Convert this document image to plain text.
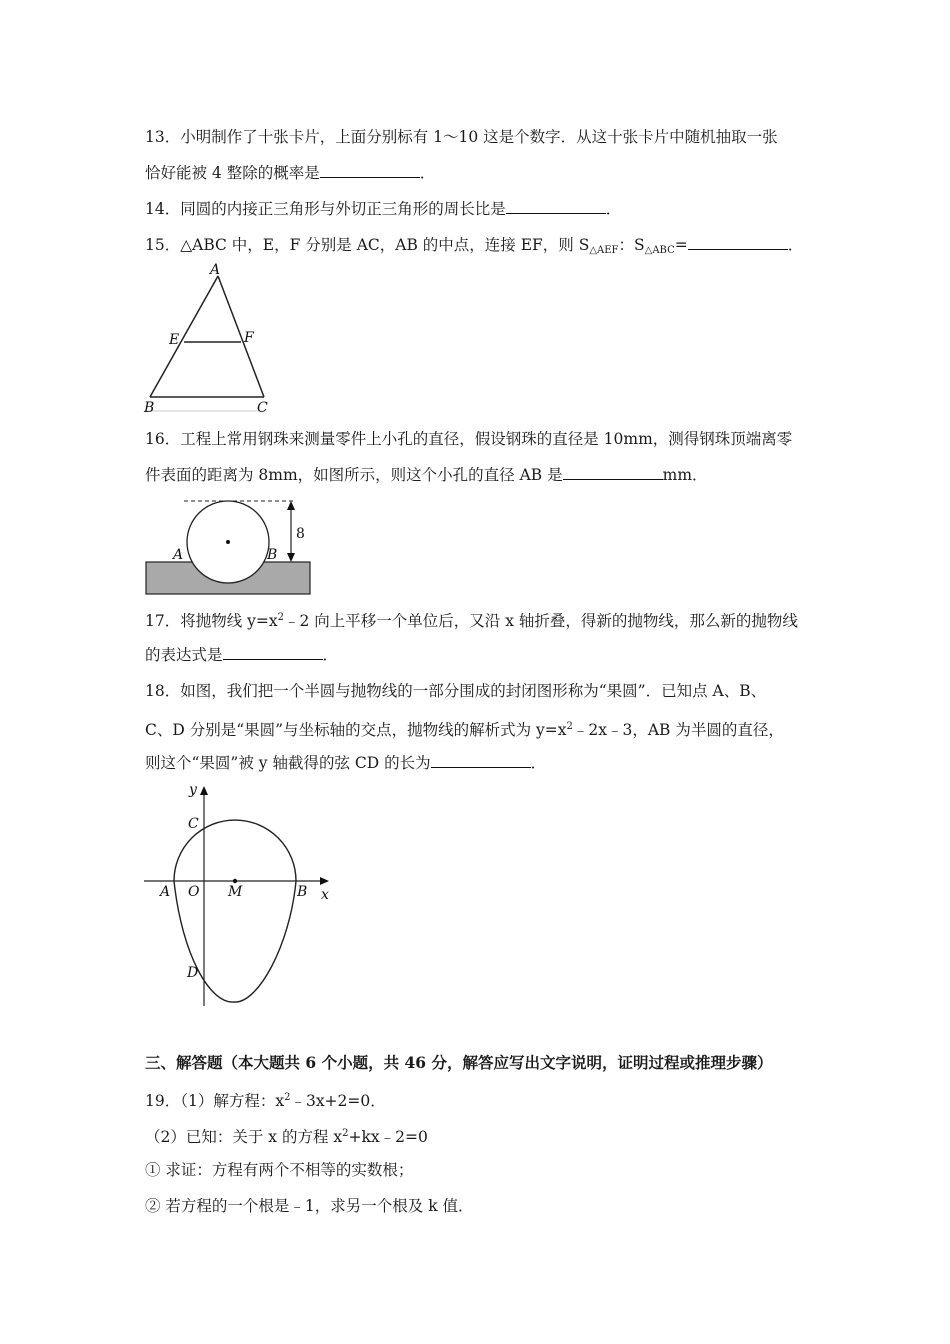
13．小明制作了十张卡片，上面分别标有 1～10 这是个数字．从这十张卡片中随机抽取一张
恰好能被 4 整除的概率是	．
14．同圆的内接正三角形与外切正三角形的周长比是	．
15．△ABC 中，E，F 分别是 AC，AB 的中点，连接 EF，则 $S_{\triangle AEF}$：$S_{\triangle ABC}=$	．
A
E	F
B	C
16．工程上常用钢珠来测量零件上小孔的直径，假设钢珠的直径是 10mm，测得钢珠顶端离零
件表面的距离为 8mm，如图所示，则这个小孔的直径 AB 是	mm．
A	B
8
17．将抛物线 $y=x^2﹣2$ 向上平移一个单位后，又沿 x 轴折叠，得新的抛物线，那么新的抛物线
的表达式是	．
18．如图，我们把一个半圆与抛物线的一部分围成的封闭图形称为“果圆”．已知点 A、B、
C、D 分别是“果圆”与坐标轴的交点，抛物线的解析式为 $y=x^2﹣2x﹣3$，AB 为半圆的直径，
则这个“果圆”被 y 轴截得的弦 CD 的长为	．
y
x
C
A O M	B
D
三、解答题（本大题共 6 个小题，共 46 分，解答应写出文字说明，证明过程或推理步骤）
19．（1）解方程：$x^2﹣3x+2=0$．
（2）已知：关于 x 的方程 $x^2+kx﹣2=0$
① 求证：方程有两个不相等的实数根；
② 若方程的一个根是﹣1，求另一个根及 k 值．
